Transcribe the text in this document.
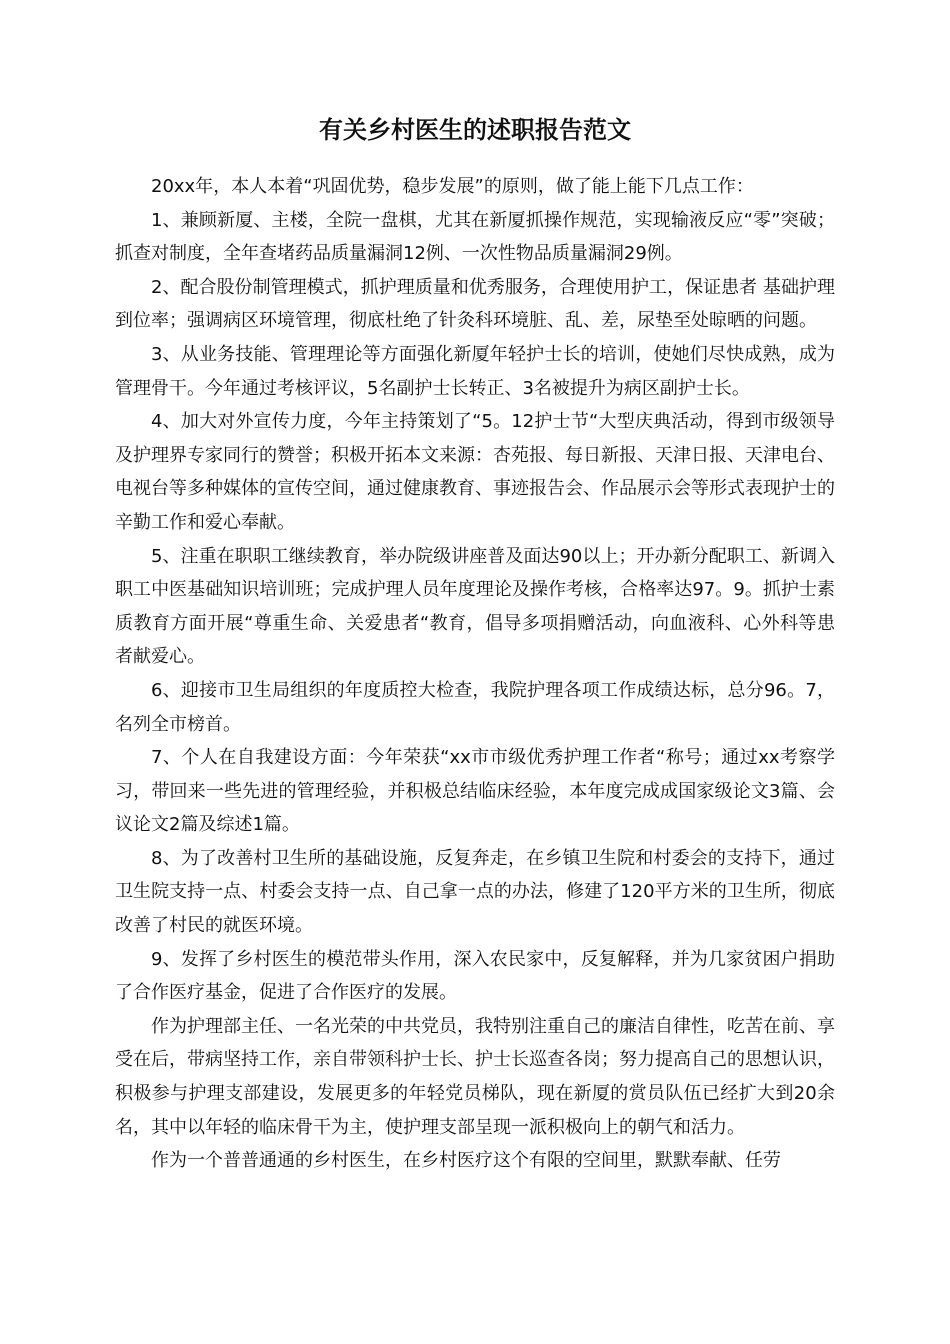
有关乡村医生的述职报告范文

20xx年，本人本着“巩固优势，稳步发展”的原则，做了能上能下几点工作：

1、兼顾新厦、主楼，全院一盘棋，尤其在新厦抓操作规范，实现输液反应“零”突破；抓查对制度，全年查堵药品质量漏洞12例、一次性物品质量漏洞29例。

2、配合股份制管理模式，抓护理质量和优秀服务，合理使用护工，保证患者 基础护理到位率；强调病区环境管理，彻底杜绝了针灸科环境脏、乱、差，尿垫至处晾晒的问题。

3、从业务技能、管理理论等方面强化新厦年轻护士长的培训，使她们尽快成熟，成为管理骨干。今年通过考核评议，5名副护士长转正、3名被提升为病区副护士长。

4、加大对外宣传力度，今年主持策划了“5。12护士节“大型庆典活动，得到市级领导及护理界专家同行的赞誉；积极开拓本文来源：杏苑报、每日新报、天津日报、天津电台、电视台等多种媒体的宣传空间，通过健康教育、事迹报告会、作品展示会等形式表现护士的辛勤工作和爱心奉献。

5、注重在职职工继续教育，举办院级讲座普及面达90以上；开办新分配职工、新调入职工中医基础知识培训班；完成护理人员年度理论及操作考核，合格率达97。9。抓护士素质教育方面开展“尊重生命、关爱患者“教育，倡导多项捐赠活动，向血液科、心外科等患者献爱心。

6、迎接市卫生局组织的年度质控大检查，我院护理各项工作成绩达标，总分96。7，名列全市榜首。

7、个人在自我建设方面：今年荣获“xx市市级优秀护理工作者“称号；通过xx考察学习，带回来一些先进的管理经验，并积极总结临床经验，本年度完成成国家级论文3篇、会议论文2篇及综述1篇。

8、为了改善村卫生所的基础设施，反复奔走，在乡镇卫生院和村委会的支持下，通过卫生院支持一点、村委会支持一点、自己拿一点的办法，修建了120平方米的卫生所，彻底改善了村民的就医环境。

9、发挥了乡村医生的模范带头作用，深入农民家中，反复解释，并为几家贫困户捐助了合作医疗基金，促进了合作医疗的发展。

作为护理部主任、一名光荣的中共党员，我特别注重自己的廉洁自律性，吃苦在前、享受在后，带病坚持工作，亲自带领科护士长、护士长巡查各岗；努力提高自己的思想认识，积极参与护理支部建设，发展更多的年轻党员梯队，现在新厦的赏员队伍已经扩大到20余名，其中以年轻的临床骨干为主，使护理支部呈现一派积极向上的朝气和活力。

作为一个普普通通的乡村医生，在乡村医疗这个有限的空间里，默默奉献、任劳
